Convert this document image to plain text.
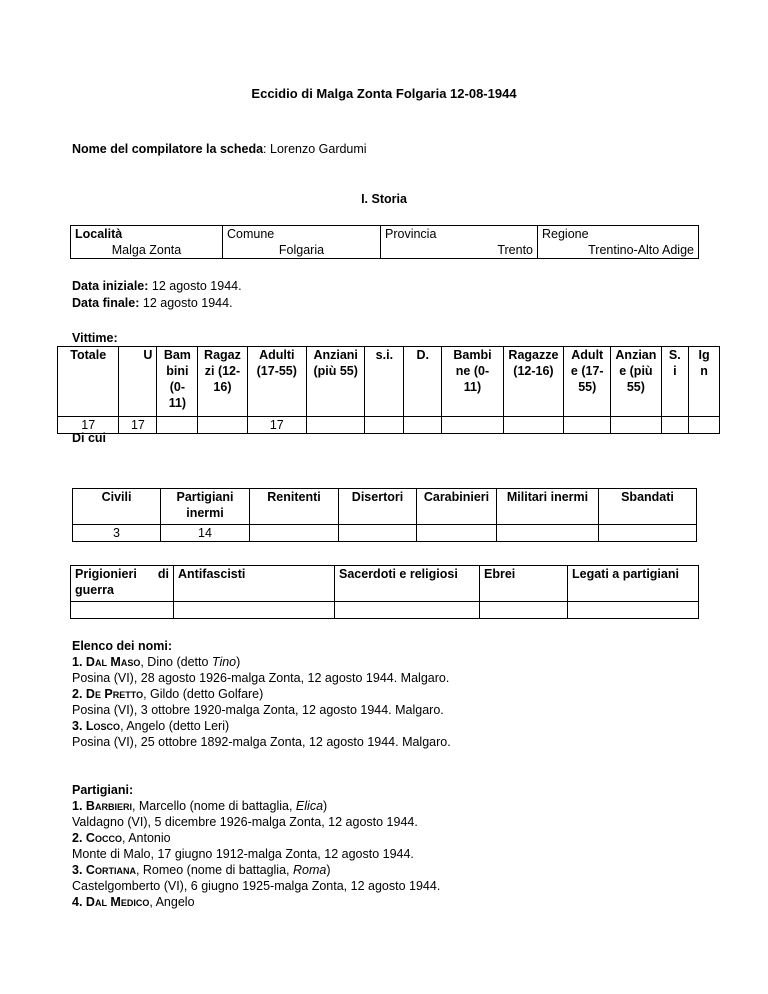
Eccidio di Malga Zonta Folgaria 12-08-1944
Nome del compilatore la scheda: Lorenzo Gardumi
I. Storia
Località
Malga Zonta

Comune
Folgaria

Provincia
Trento

Regione
Trentino-Alto Adige
Data iniziale: 12 agosto 1944.
Data finale: 12 agosto 1944.
Vittime:
Totale	U	Bam bini (0- 11)	Ragaz zi (12- 16)	Adulti (17-55)	Anziani (più 55)	s.i.	D.	Bambi ne (0- 11)	Ragazze (12-16)	Adult e (17- 55)	Anzian e (più 55)	S. i	Ig n
17	17			17									
Di cui
Civili	Partigiani inermi	Renitenti	Disertori	Carabinieri	Militari inermi	Sbandati
3	14					
Prigionieri di guerra	Antifascisti	Sacerdoti e religiosi	Ebrei	Legati a partigiani

Elenco dei nomi:

1. Dal Maso, Dino (detto Tino)

Posina (VI), 28 agosto 1926-malga Zonta, 12 agosto 1944. Malgaro.

2. De Pretto, Gildo (detto Golfare)

Posina (VI), 3 ottobre 1920-malga Zonta, 12 agosto 1944. Malgaro.

3. Losco, Angelo (detto Leri)

Posina (VI), 25 ottobre 1892-malga Zonta, 12 agosto 1944. Malgaro.

Partigiani:

1. Barbieri, Marcello (nome di battaglia, Elica)

Valdagno (VI), 5 dicembre 1926-malga Zonta, 12 agosto 1944.

2. Cocco, Antonio

Monte di Malo, 17 giugno 1912-malga Zonta, 12 agosto 1944.

3. Cortiana, Romeo (nome di battaglia, Roma)

Castelgomberto (VI), 6 giugno 1925-malga Zonta, 12 agosto 1944.

4. Dal Medico, Angelo
